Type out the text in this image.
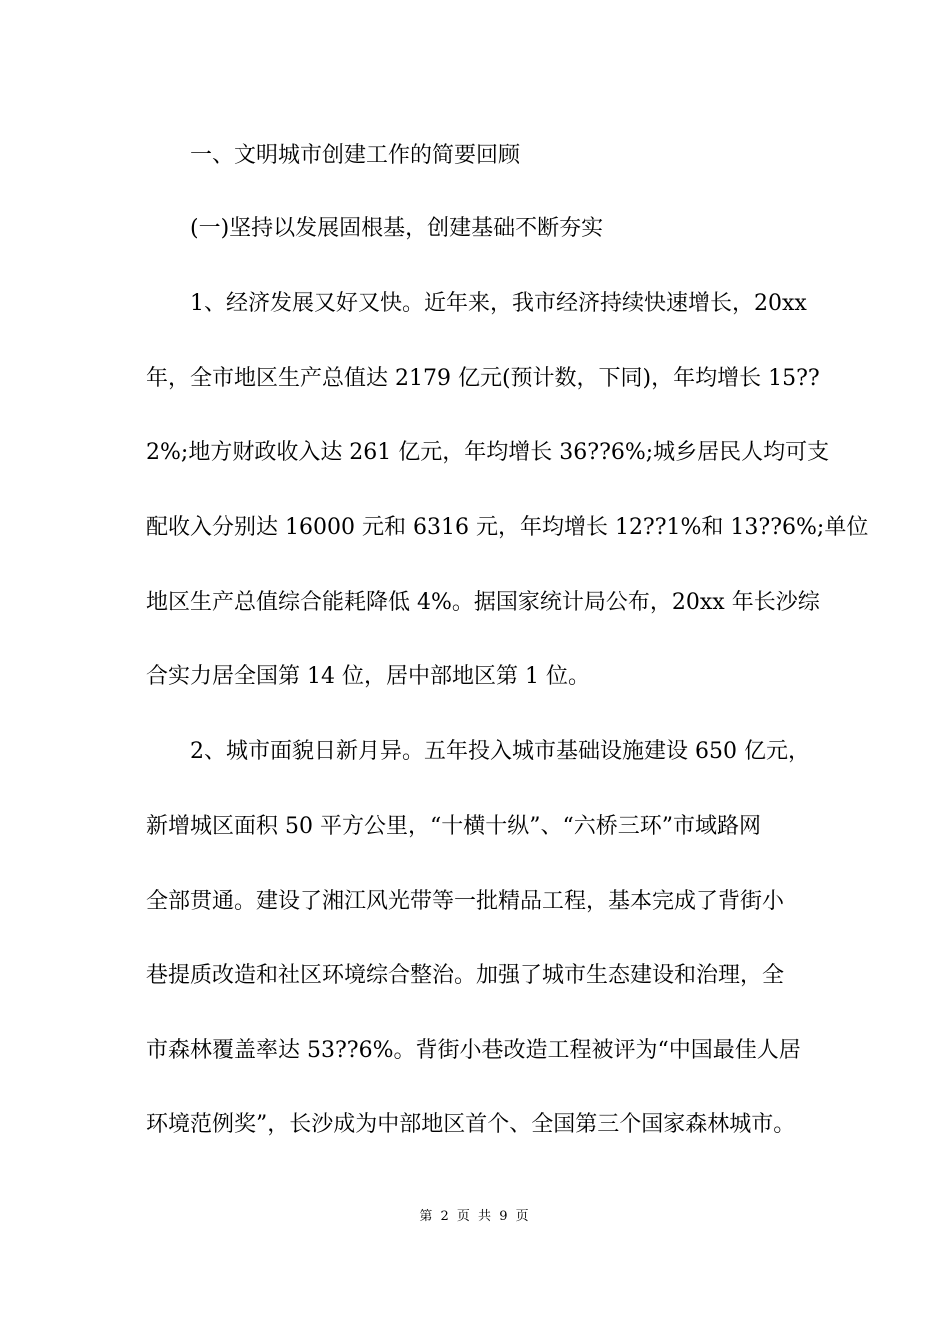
一、文明城市创建工作的简要回顾
(一)坚持以发展固根基，创建基础不断夯实
1、经济发展又好又快。近年来，我市经济持续快速增长，20xx
年，全市地区生产总值达 2179 亿元(预计数，下同)，年均增长 15??
2%;地方财政收入达 261 亿元，年均增长 36??6%;城乡居民人均可支
配收入分别达 16000 元和 6316 元，年均增长 12??1%和 13??6%;单位
地区生产总值综合能耗降低 4%。据国家统计局公布，20xx 年长沙综
合实力居全国第 14 位，居中部地区第 1 位。
2、城市面貌日新月异。五年投入城市基础设施建设 650 亿元，
新增城区面积 50 平方公里，“十横十纵”、“六桥三环”市域路网
全部贯通。建设了湘江风光带等一批精品工程，基本完成了背街小
巷提质改造和社区环境综合整治。加强了城市生态建设和治理，全
市森林覆盖率达 53??6%。背街小巷改造工程被评为“中国最佳人居
环境范例奖”，长沙成为中部地区首个、全国第三个国家森林城市。
第 2 页 共 9 页
